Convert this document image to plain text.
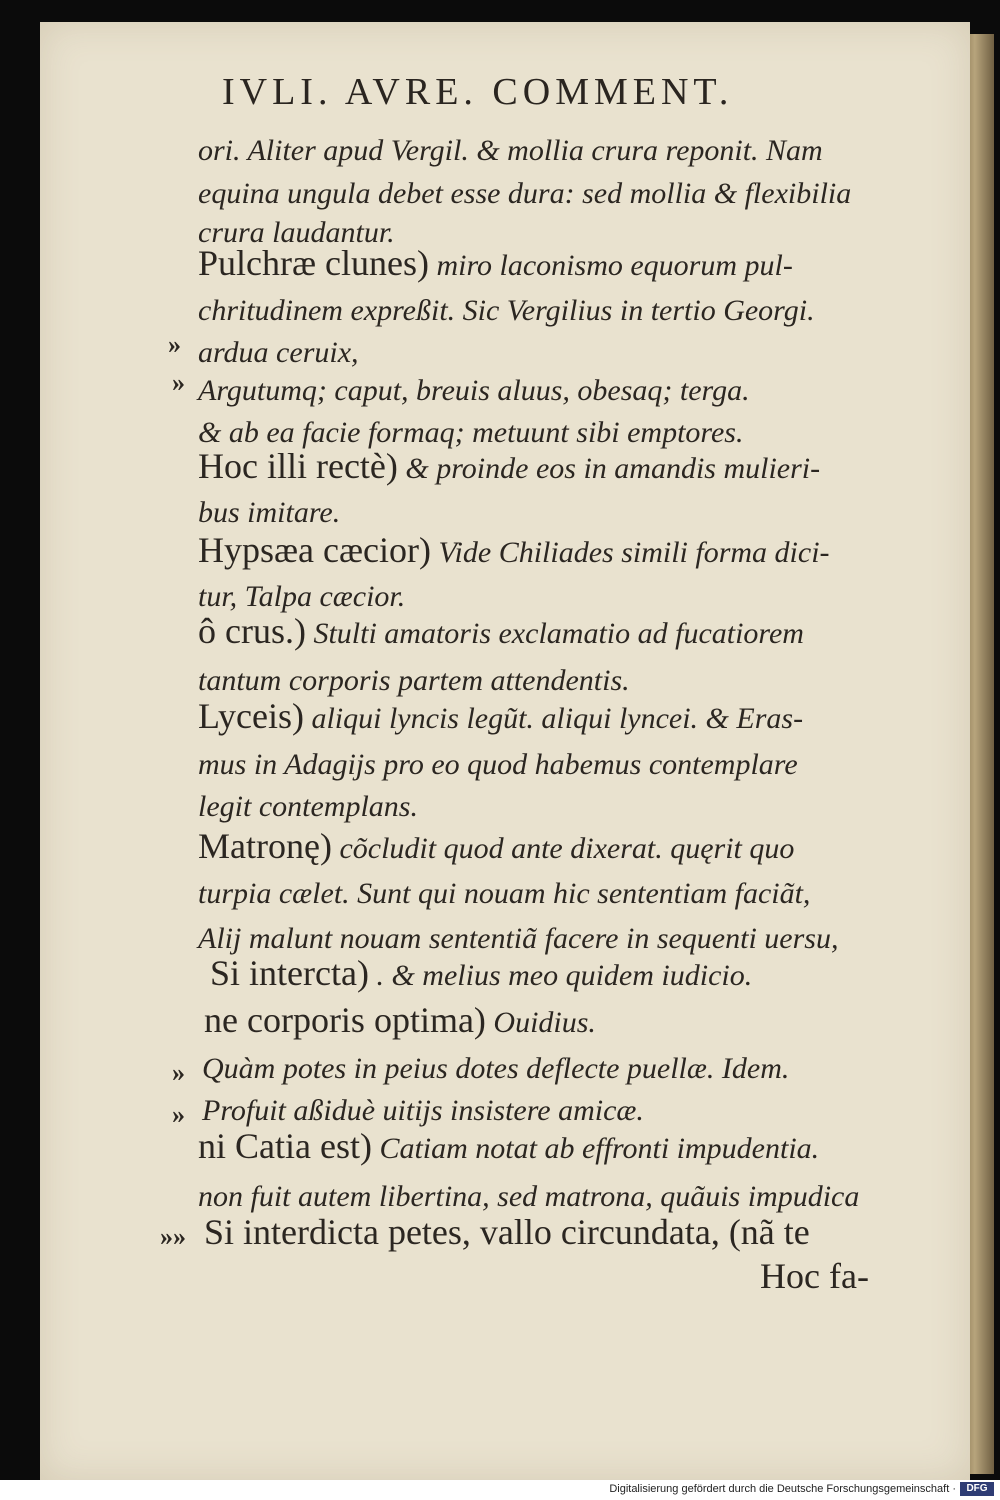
IVLI. AVRE. COMMENT.
ori. Aliter apud Vergil. & mollia crura reponit. Nam
equina ungula debet esse dura: sed mollia & flexibilia
crura laudantur.
Pulchræ clunes) miro laconismo equorum pul-
chritudinem expreßit. Sic Vergilius in tertio Georgi.
ardua ceruix,
Argutumq; caput, breuis aluus, obesaq; terga.
& ab ea facie formaq; metuunt sibi emptores.
Hoc illi rectè) & proinde eos in amandis mulieri-
bus imitare.
Hypsæa cæcior) Vide Chiliades simili forma dici-
tur, Talpa cæcior.
ô crus.) Stulti amatoris exclamatio ad fucatiorem
tantum corporis partem attendentis.
Lyceis) aliqui lyncis legũt. aliqui lyncei. & Eras-
mus in Adagijs pro eo quod habemus contemplare
legit contemplans.
Matronę) cõcludit quod ante dixerat. quęrit quo
turpia cælet. Sunt qui nouam hic sententiam faciãt,
Alij malunt nouam sententiã facere in sequenti uersu,
Si intercta) . & melius meo quidem iudicio.
ne corporis optima) Ouidius.
Quàm potes in peius dotes deflecte puellæ. Idem.
Profuit aßiduè uitijs insistere amicæ.
ni Catia est) Catiam notat ab effronti impudentia.
non fuit autem libertina, sed matrona, quãuis impudica
Si interdicta petes, vallo circundata, (nã te
Hoc fa-
»
»
»
»
»»
Digitalisierung gefördert durch die Deutsche Forschungsgemeinschaft ·	DFG
